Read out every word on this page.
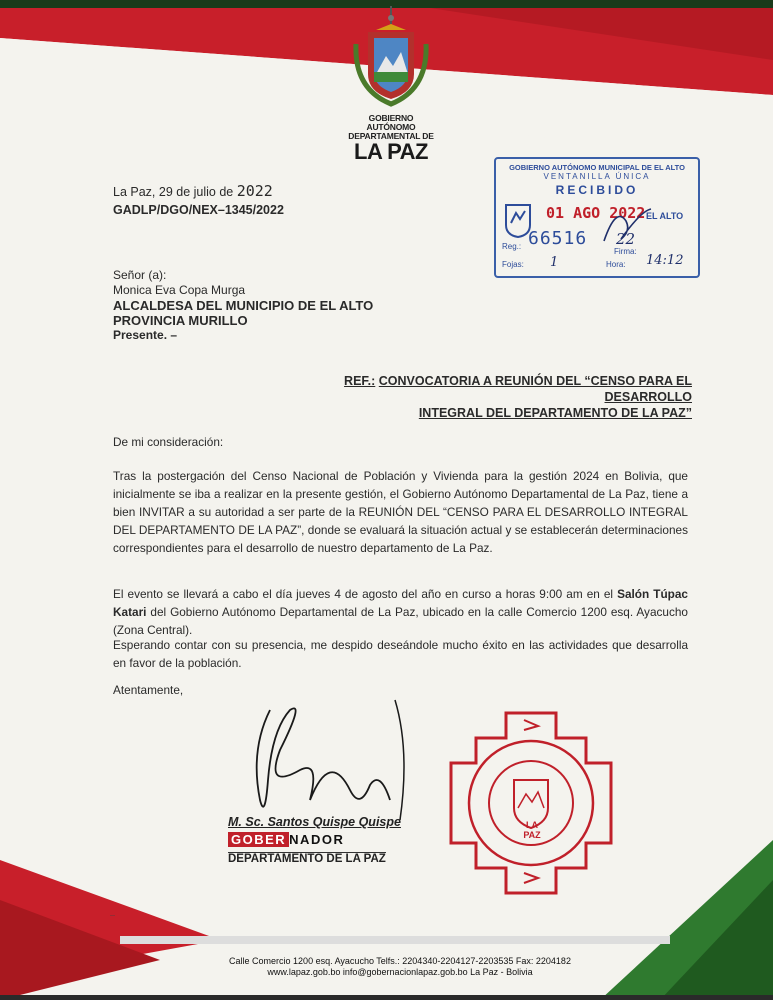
GOBIERNO AUTÓNOMO
DEPARTAMENTAL DE
LA PAZ
La Paz, 29 de julio de 2022
GADLP/DGO/NEX–1345/2022
GOBIERNO AUTÓNOMO MUNICIPAL DE EL ALTO
VENTANILLA ÚNICA
RECIBIDO
01 AGO 2022 EL ALTO
Reg.: 66516 22
Firma:
Fojas: 1	Hora: 14:12
Señor (a):
Monica Eva Copa Murga
ALCALDESA DEL MUNICIPIO DE EL ALTO
PROVINCIA MURILLO
Presente. –
REF.: CONVOCATORIA A REUNIÓN DEL “CENSO PARA EL DESARROLLO
INTEGRAL DEL DEPARTAMENTO DE LA PAZ”
De mi consideración:
Tras la postergación del Censo Nacional de Población y Vivienda para la gestión 2024 en Bolivia, que inicialmente se iba a realizar en la presente gestión, el Gobierno Autónomo Departamental de La Paz, tiene a bien INVITAR a su autoridad a ser parte de la REUNIÓN DEL “CENSO PARA EL DESARROLLO INTEGRAL DEL DEPARTAMENTO DE LA PAZ”, donde se evaluará la situación actual y se establecerán determinaciones correspondientes para el desarrollo de nuestro departamento de La Paz.
El evento se llevará a cabo el día jueves 4 de agosto del año en curso a horas 9:00 am en el Salón Túpac Katari del Gobierno Autónomo Departamental de La Paz, ubicado en la calle Comercio 1200 esq. Ayacucho (Zona Central).
Esperando contar con su presencia, me despido deseándole mucho éxito en las actividades que desarrolla en favor de la población.
Atentamente,
M. Sc. Santos Quispe Quispe
GOBER NADOR
DEPARTAMENTO DE LA PAZ
LA PAZ
—
Calle Comercio 1200 esq. Ayacucho Telfs.: 2204340-2204127-2203535 Fax: 2204182
www.lapaz.gob.bo info@gobernacionlapaz.gob.bo La Paz - Bolivia
